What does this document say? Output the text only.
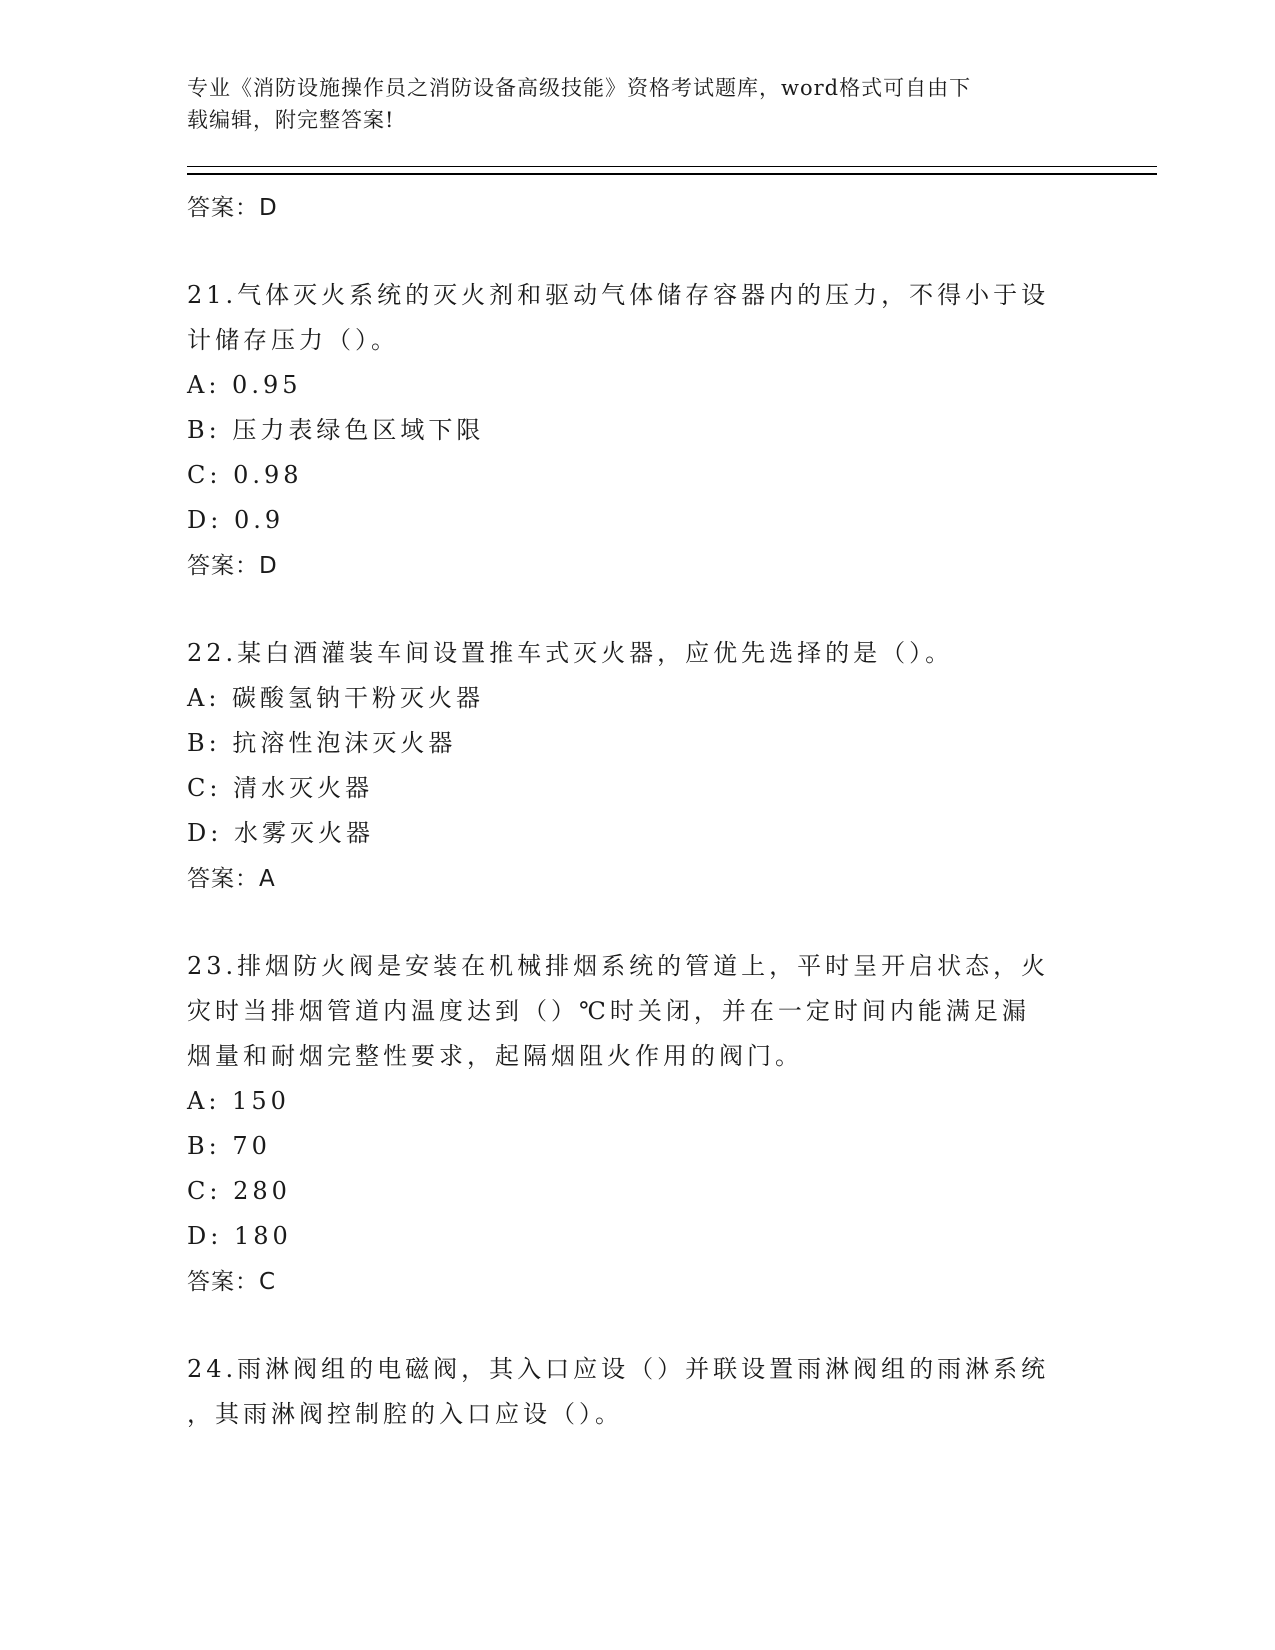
专业《消防设施操作员之消防设备高级技能》资格考试题库，word格式可自由下
载编辑，附完整答案!
答案：D
21.气体灭火系统的灭火剂和驱动气体储存容器内的压力，不得小于设
计储存压力（）。
A: 0.95
B: 压力表绿色区域下限
C: 0.98
D: 0.9
答案：D
22.某白酒灌装车间设置推车式灭火器，应优先选择的是（）。
A: 碳酸氢钠干粉灭火器
B: 抗溶性泡沫灭火器
C: 清水灭火器
D: 水雾灭火器
答案：A
23.排烟防火阀是安装在机械排烟系统的管道上，平时呈开启状态，火
灾时当排烟管道内温度达到（）℃时关闭，并在一定时间内能满足漏
烟量和耐烟完整性要求，起隔烟阻火作用的阀门。
A: 150
B: 70
C: 280
D: 180
答案：C
24.雨淋阀组的电磁阀，其入口应设（）并联设置雨淋阀组的雨淋系统
，其雨淋阀控制腔的入口应设（）。
